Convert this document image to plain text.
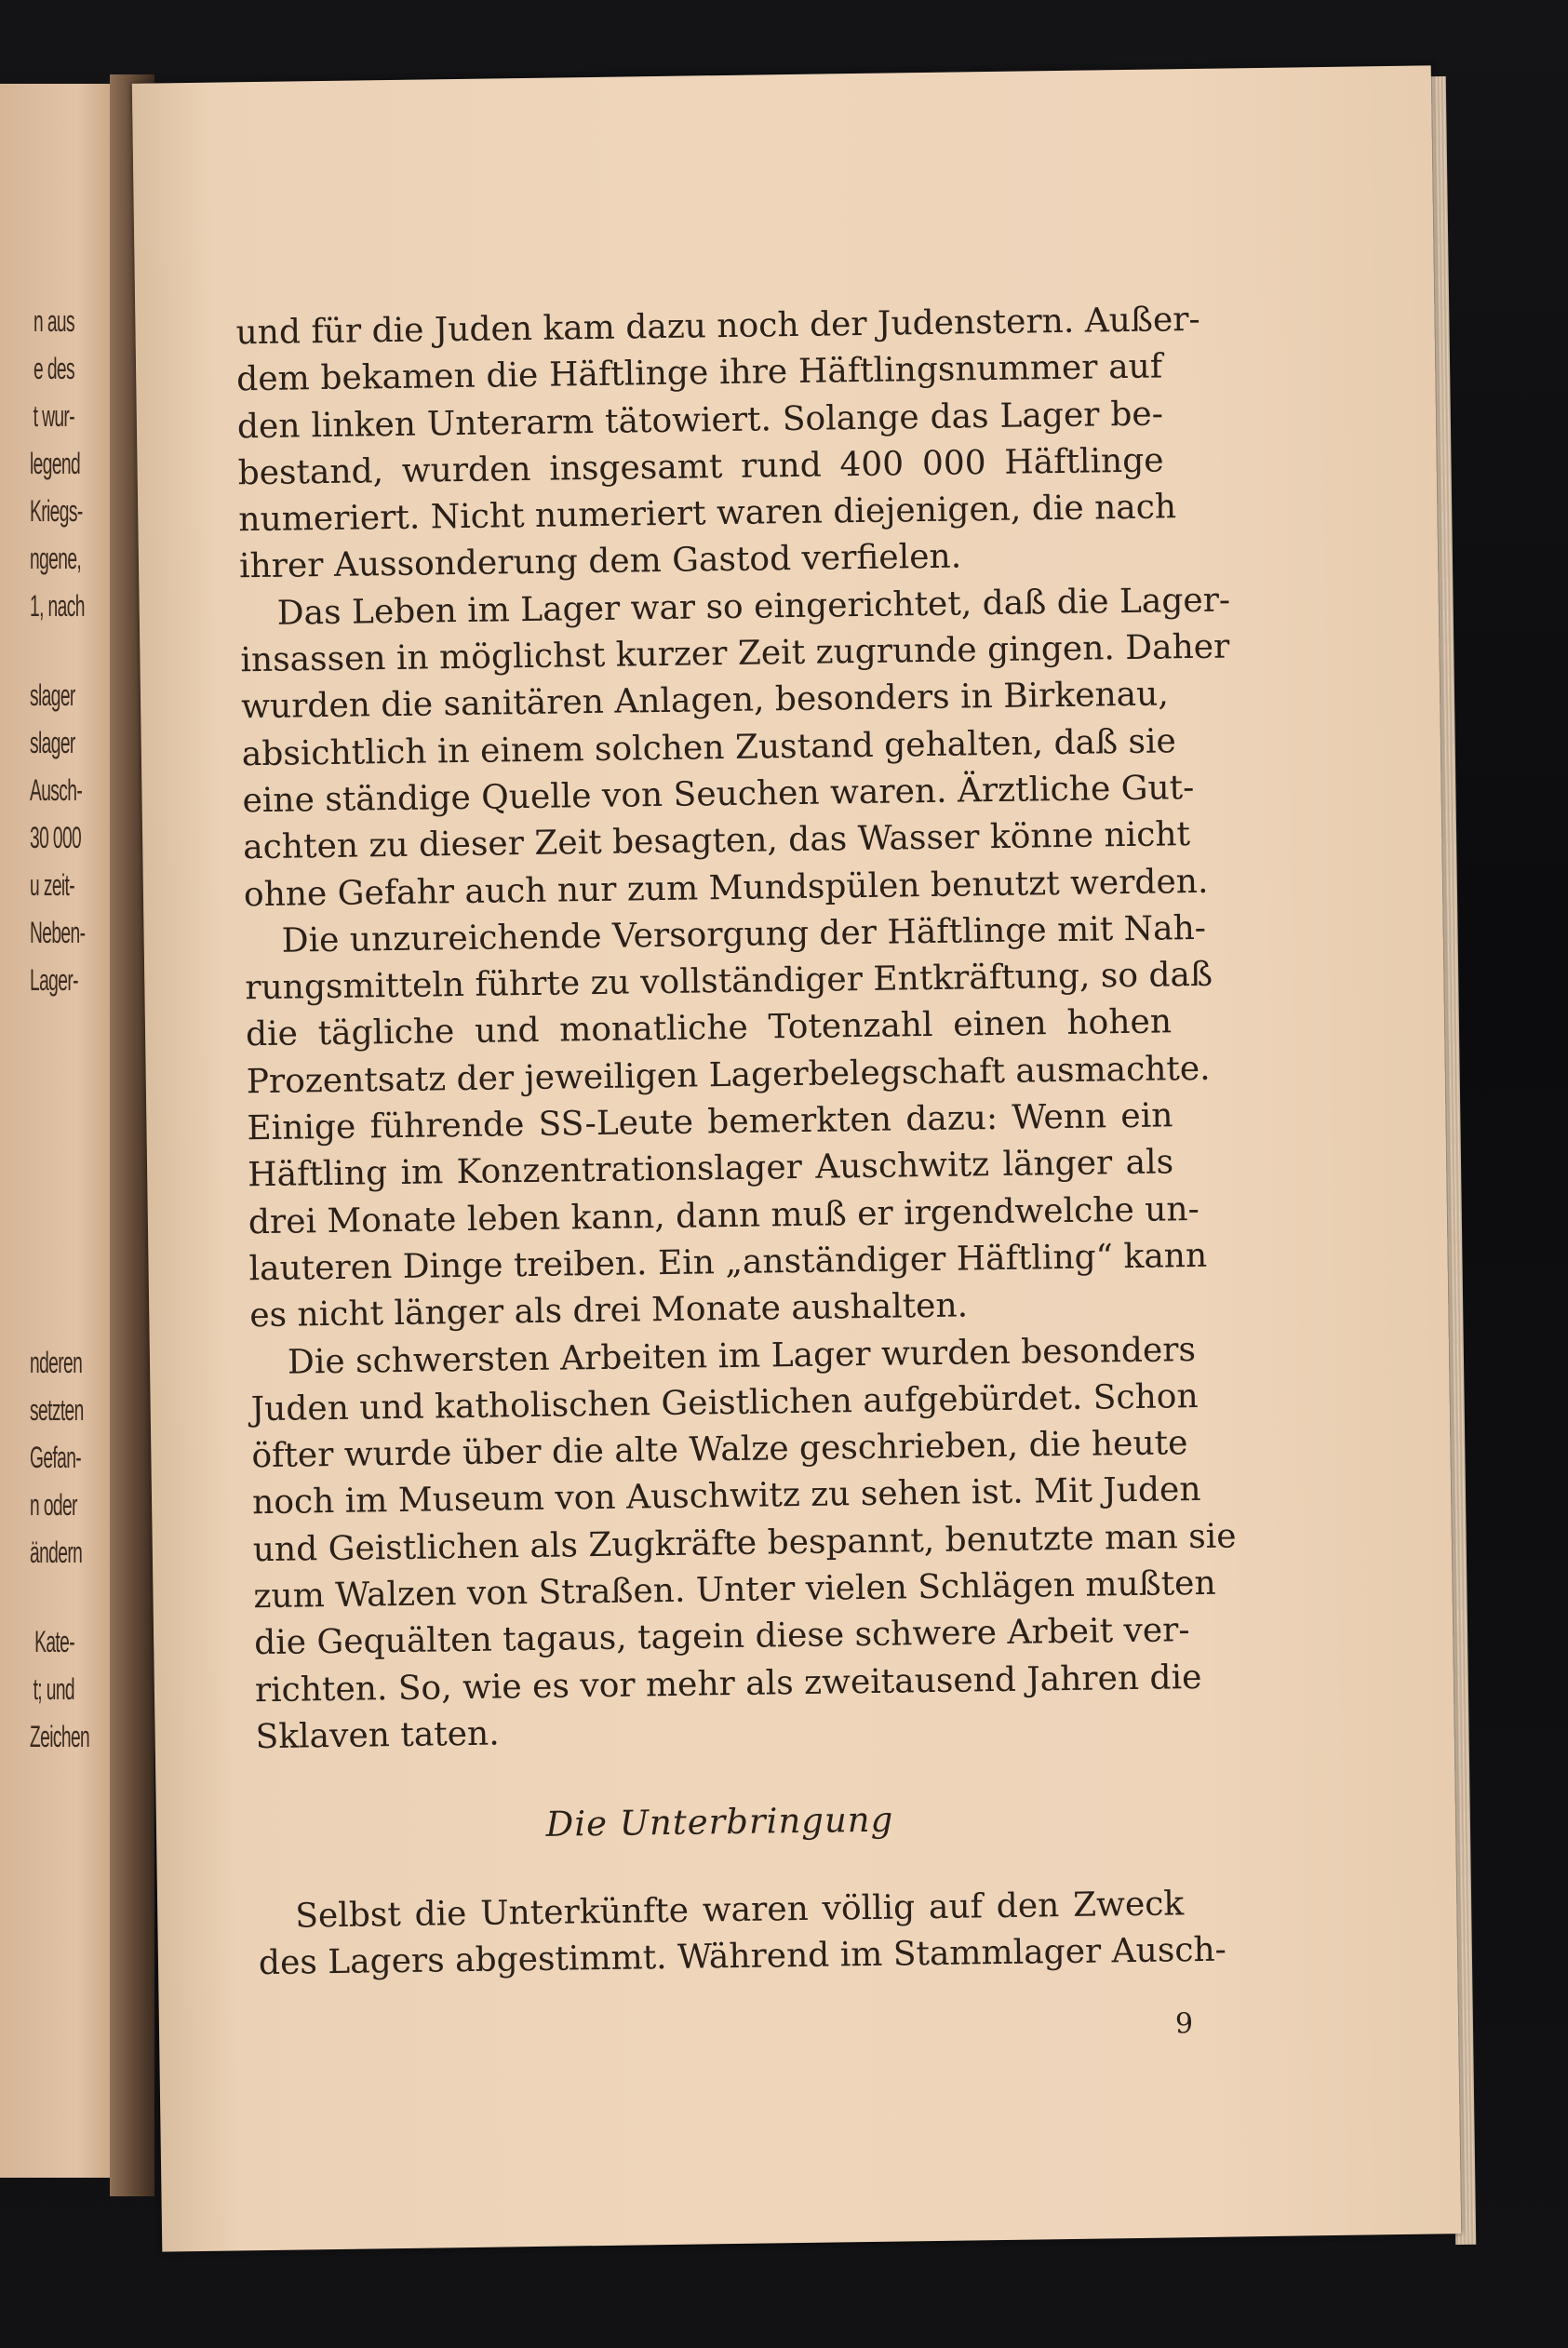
n aus
e des
t wur-
legend
Kriegs-
ngene,
1, nach
slager
slager
Ausch-
30 000
u zeit-
Neben-
Lager-
nderen
setzten
Gefan-
n oder
ändern
Kate-
t; und
Zeichen

und für die Juden kam dazu noch der Judenstern. Außer-
dem bekamen die Häftlinge ihre Häftlingsnummer auf
den linken Unterarm tätowiert. Solange das Lager be-
bestand, wurden insgesamt rund 400 000 Häftlinge
numeriert. Nicht numeriert waren diejenigen, die nach
ihrer Aussonderung dem Gastod verfielen.

Das Leben im Lager war so eingerichtet, daß die Lager-
insassen in möglichst kurzer Zeit zugrunde gingen. Daher
wurden die sanitären Anlagen, besonders in Birkenau,
absichtlich in einem solchen Zustand gehalten, daß sie
eine ständige Quelle von Seuchen waren. Ärztliche Gut-
achten zu dieser Zeit besagten, das Wasser könne nicht
ohne Gefahr auch nur zum Mundspülen benutzt werden.

Die unzureichende Versorgung der Häftlinge mit Nah-
rungsmitteln führte zu vollständiger Entkräftung, so daß
die tägliche und monatliche Totenzahl einen hohen
Prozentsatz der jeweiligen Lagerbelegschaft ausmachte.
Einige führende SS-Leute bemerkten dazu: Wenn ein
Häftling im Konzentrationslager Auschwitz länger als
drei Monate leben kann, dann muß er irgendwelche un-
lauteren Dinge treiben. Ein „anständiger Häftling“ kann
es nicht länger als drei Monate aushalten.

Die schwersten Arbeiten im Lager wurden besonders
Juden und katholischen Geistlichen aufgebürdet. Schon
öfter wurde über die alte Walze geschrieben, die heute
noch im Museum von Auschwitz zu sehen ist. Mit Juden
und Geistlichen als Zugkräfte bespannt, benutzte man sie
zum Walzen von Straßen. Unter vielen Schlägen mußten
die Gequälten tagaus, tagein diese schwere Arbeit ver-
richten. So, wie es vor mehr als zweitausend Jahren die
Sklaven taten.

Die Unterbringung

Selbst die Unterkünfte waren völlig auf den Zweck
des Lagers abgestimmt. Während im Stammlager Ausch-

9
